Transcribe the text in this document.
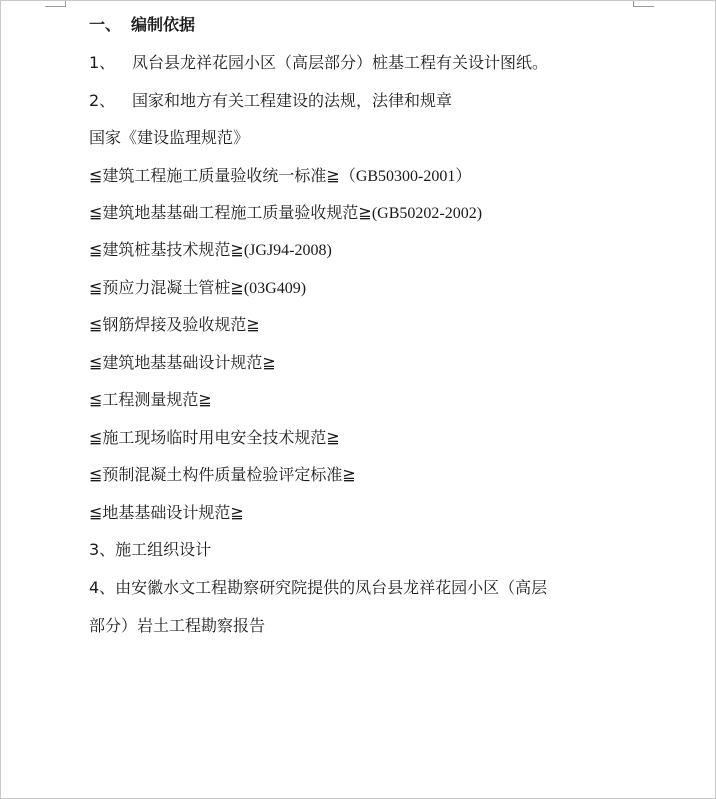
一、 编制依据

1、 凤台县龙祥花园小区（高层部分）桩基工程有关设计图纸。

2、 国家和地方有关工程建设的法规，法律和规章

国家《建设监理规范》

≦建筑工程施工质量验收统一标准≧（GB50300-2001）

≦建筑地基基础工程施工质量验收规范≧(GB50202-2002)

≦建筑桩基技术规范≧(JGJ94-2008)

≦预应力混凝土管桩≧(03G409)

≦钢筋焊接及验收规范≧

≦建筑地基基础设计规范≧

≦工程测量规范≧

≦施工现场临时用电安全技术规范≧

≦预制混凝土构件质量检验评定标准≧

≦地基基础设计规范≧

3、施工组织设计

4、由安徽水文工程勘察研究院提供的凤台县龙祥花园小区（高层

部分）岩土工程勘察报告
